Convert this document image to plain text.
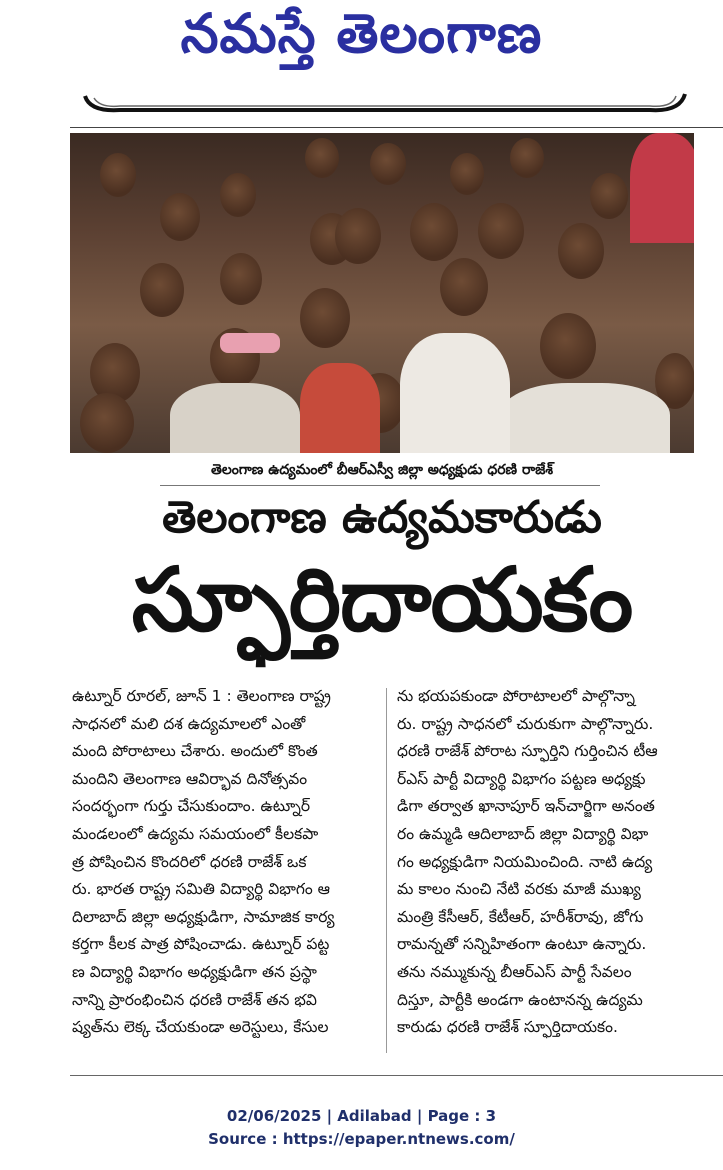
నమస్తే తెలంగాణ
తెలంగాణ ఉద్యమంలో బీఆర్ఎస్వీ జిల్లా అధ్యక్షుడు ధరణి రాజేశ్
తెలంగాణ ఉద్యమకారుడు
స్ఫూర్తిదాయకం
ఉట్నూర్ రూరల్, జూన్ 1 : తెలంగాణ రాష్ట్ర
సాధనలో మలి దశ ఉద్యమాలలో ఎంతో
మంది పోరాటాలు చేశారు. అందులో కొంత
మందిని తెలంగాణ ఆవిర్భావ దినోత్సవం
సందర్భంగా గుర్తు చేసుకుందాం. ఉట్నూర్
మండలంలో ఉద్యమ సమయంలో కీలకపా
త్ర పోషించిన కొందరిలో ధరణి రాజేశ్ ఒక
రు. భారత రాష్ట్ర సమితి విద్యార్థి విభాగం ఆ
దిలాబాద్ జిల్లా అధ్యక్షుడిగా, సామాజిక కార్య
కర్తగా కీలక పాత్ర పోషించాడు. ఉట్నూర్ పట్ట
ణ విద్యార్థి విభాగం అధ్యక్షుడిగా తన ప్రస్థా
నాన్ని ప్రారంభించిన ధరణి రాజేశ్ తన భవి
ష్యత్‌ను లెక్క చేయకుండా అరెస్టులు, కేసుల
ను భయపకుండా పోరాటాలలో పాల్గొన్నా
రు. రాష్ట్ర సాధనలో చురుకుగా పాల్గొన్నారు.
ధరణి రాజేశ్ పోరాట స్ఫూర్తిని గుర్తించిన టీఆ
ర్ఎస్ పార్టీ విద్యార్థి విభాగం పట్టణ అధ్యక్షు
డిగా తర్వాత ఖానాపూర్ ఇన్‌చార్జిగా అనంత
రం ఉమ్మడి ఆదిలాబాద్ జిల్లా విద్యార్థి విభా
గం అధ్యక్షుడిగా నియమించింది. నాటి ఉద్య
మ కాలం నుంచి నేటి వరకు మాజీ ముఖ్య
మంత్రి కేసీఆర్, కేటీఆర్, హరీశ్‌రావు, జోగు
రామన్నతో సన్నిహితంగా ఉంటూ ఉన్నారు.
తను నమ్ముకున్న బీఆర్ఎస్ పార్టీ సేవలం
దిస్తూ, పార్టీకి అండగా ఉంటానన్న ఉద్యమ
కారుడు ధరణి రాజేశ్ స్ఫూర్తిదాయకం.
02/06/2025 | Adilabad | Page : 3
Source : https://epaper.ntnews.com/
